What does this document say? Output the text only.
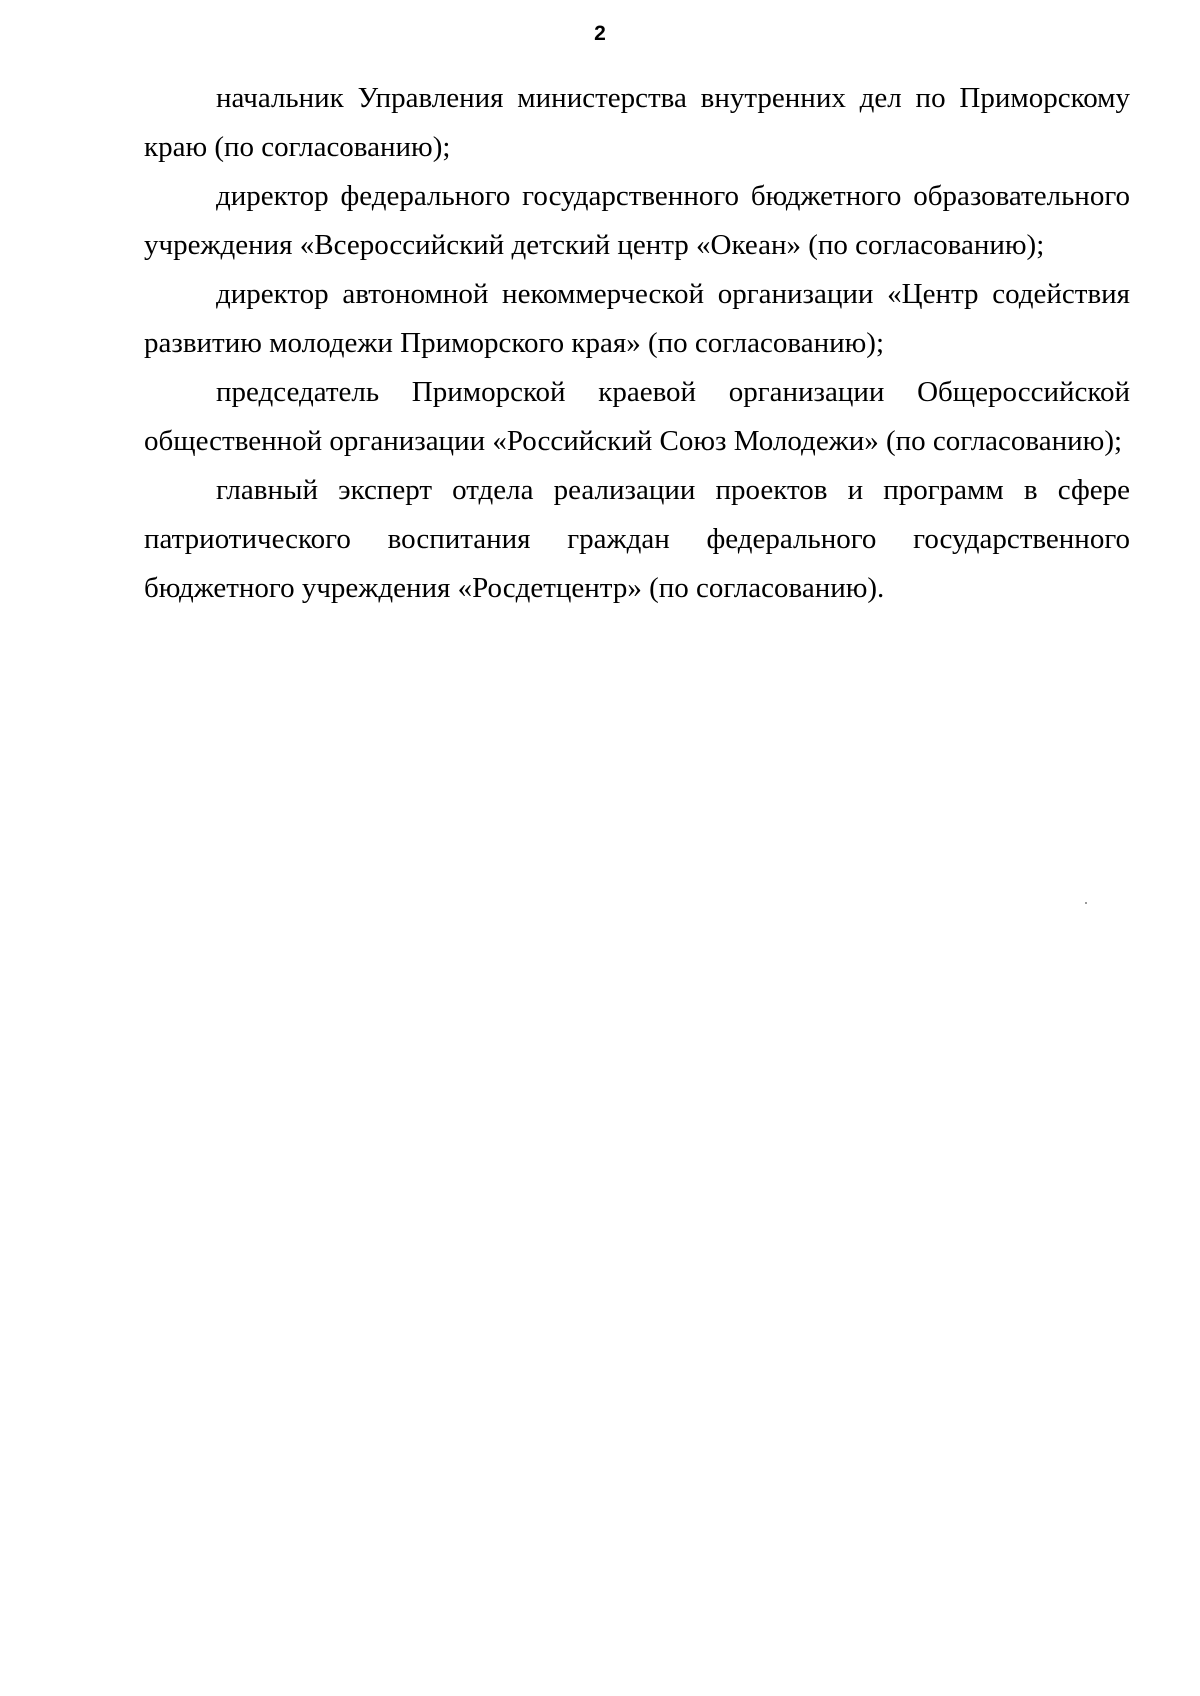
2

начальник Управления министерства внутренних дел по Приморскому краю (по согласованию);

директор федерального государственного бюджетного образовательного учреждения «Всероссийский детский центр «Океан» (по согласованию);

директор автономной некоммерческой организации «Центр содействия развитию молодежи Приморского края» (по согласованию);

председатель Приморской краевой организации Общероссийской общественной организации «Российский Союз Молодежи» (по согласованию);

главный эксперт отдела реализации проектов и программ в сфере патриотического воспитания граждан федерального государственного бюджетного учреждения «Росдетцентр» (по согласованию).
